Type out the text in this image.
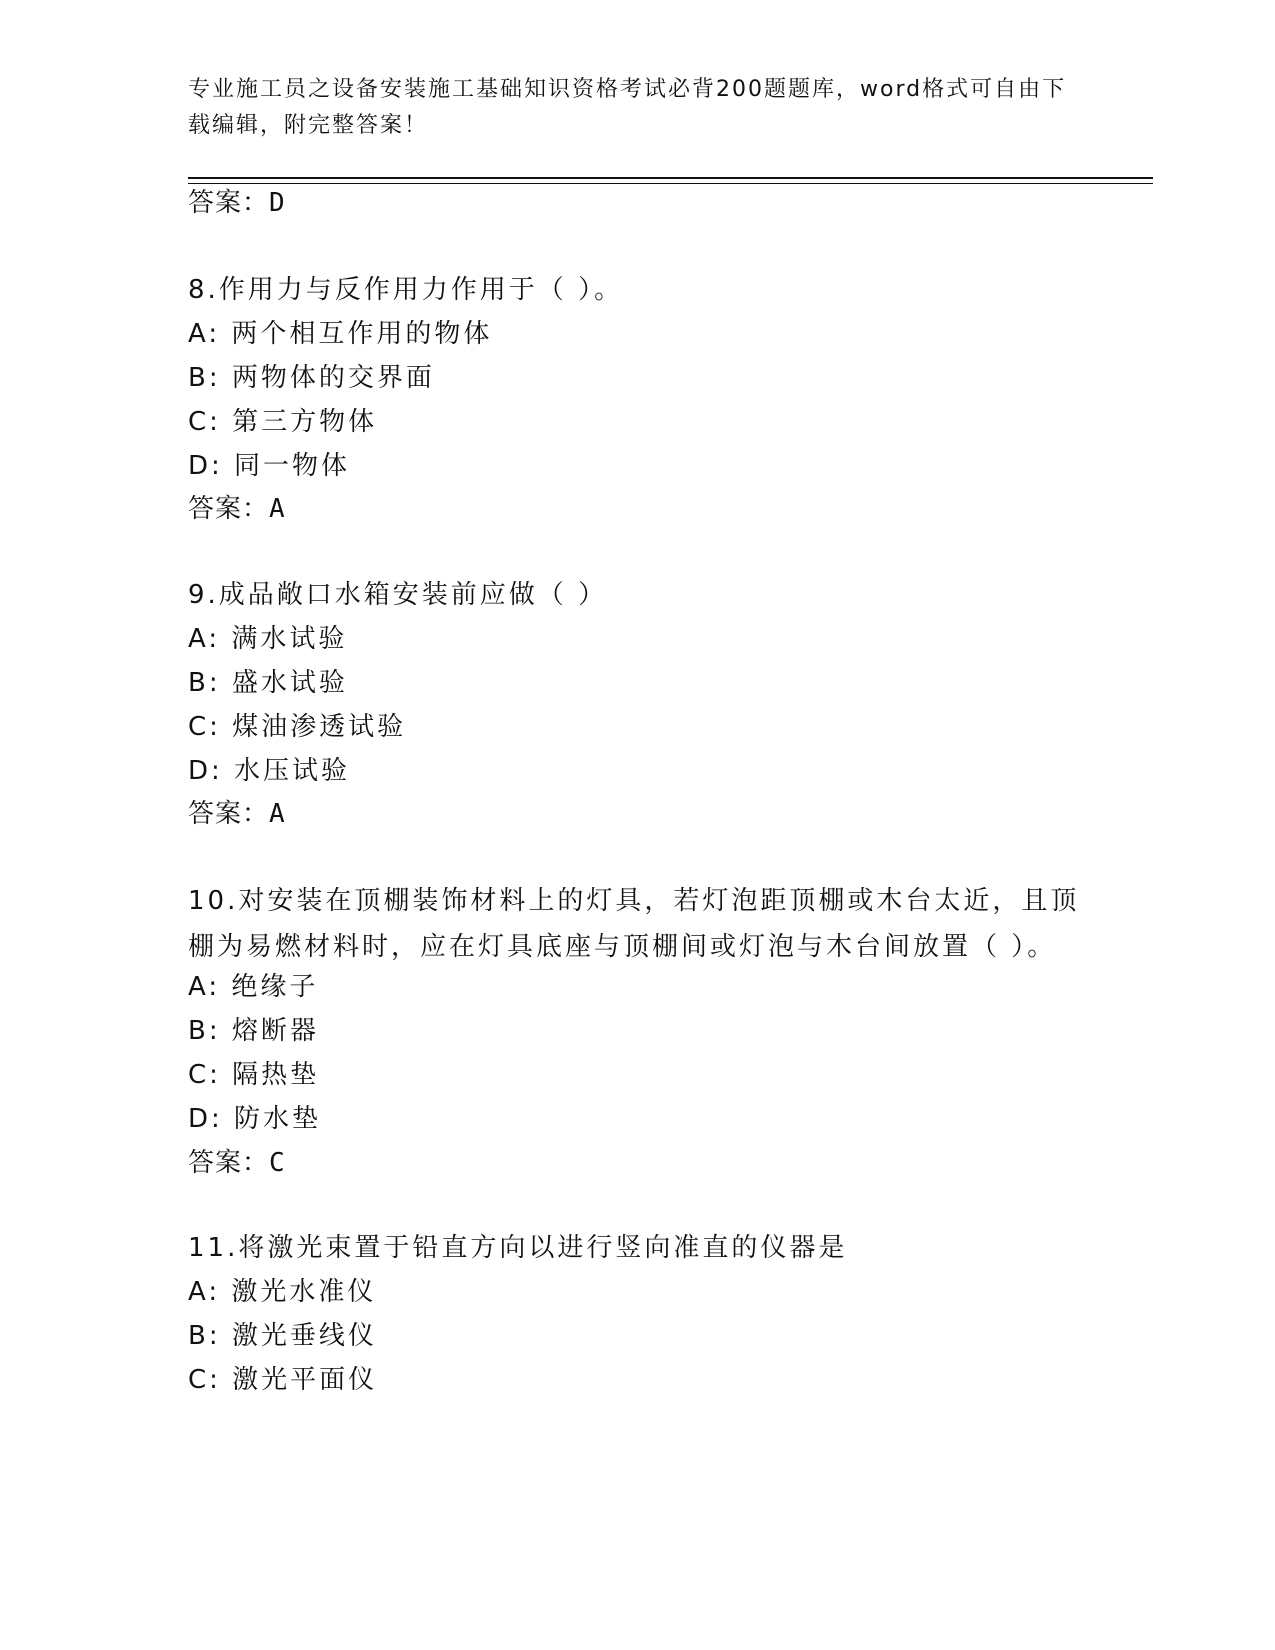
专业施工员之设备安装施工基础知识资格考试必背200题题库，word格式可自由下载编辑，附完整答案！
答案：D
8.作用力与反作用力作用于（ ）。
A: 两个相互作用的物体
B: 两物体的交界面
C: 第三方物体
D: 同一物体
答案：A
9.成品敞口水箱安装前应做（ ）
A: 满水试验
B: 盛水试验
C: 煤油渗透试验
D: 水压试验
答案：A
10.对安装在顶棚装饰材料上的灯具，若灯泡距顶棚或木台太近，且顶棚为易燃材料时，应在灯具底座与顶棚间或灯泡与木台间放置（ ）。
A: 绝缘子
B: 熔断器
C: 隔热垫
D: 防水垫
答案：C
11.将激光束置于铅直方向以进行竖向准直的仪器是
A: 激光水准仪
B: 激光垂线仪
C: 激光平面仪
